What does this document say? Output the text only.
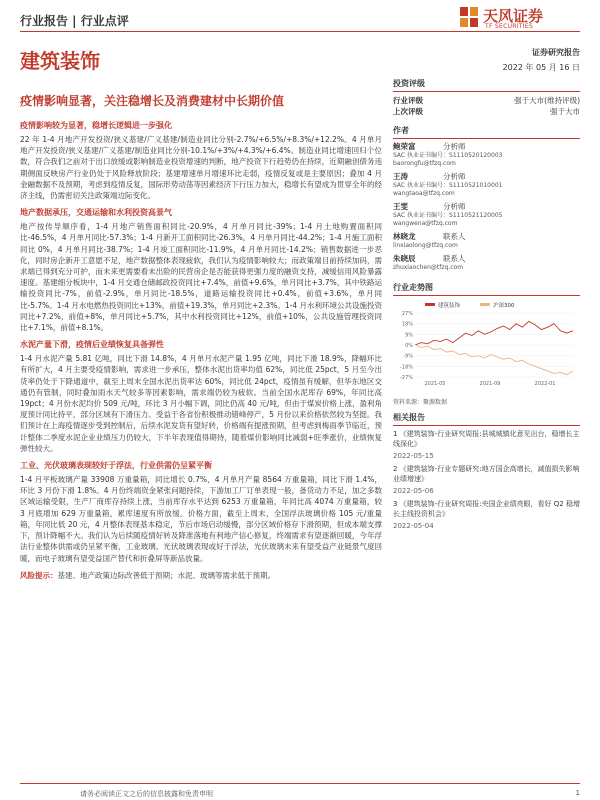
行业报告 | 行业点评	天风证券
TF SECURITIES
建筑装饰	证券研究报告
2022 年 05 月 16 日
疫情影响显著，关注稳增长及消费建材中长期价值
疫情影响较为显著，稳增长逻辑进一步强化
22 年 1-4 月地产开发投资/狭义基建/广义基建/制造业同比分别-2.7%/+6.5%/+8.3%/+12.2%。4 月单月地产开发投资/狭义基建/广义基建/制造业同比分别-10.1%/+3%/+4.3%/+6.4%。制造业同比增速回归个位数，符合我们之前对于出口放缓或影响制造业投资增速的判断，地产投资下行趋势仍在持续，近期融创债务违期侧面反映房产行业仍处于风险释放阶段；基建增速单月增速环比走弱，疫情反复或是主要原因；叠加 4 月金融数据不及预期，考虑到疫情反复，国际形势动荡等因素经济下行压力加大，稳增长有望成为贯穿全年的经济主线，仍需密切关注政策端边际变化。
地产数据承压，交通运输和水利投资高景气
地产按传导顺序看，1-4 月地产销售面积同比-20.9%，4 月单月同比-39%；1-4 月土地购置面积同比-46.5%，4 月单月同比-57.3%；1-4 月新开工面积同比-26.3%，4 月单月同比-44.2%；1-4 月施工面积同比 0%，4 月单月同比-38.7%；1-4 月竣工面积同比-11.9%，4 月单月同比-14.2%；销售数据进一步恶化，同时房企新开工意愿不足，地产数据整体表现疲软，我们认为疫情影响较大；而政策端目前持续加码，需求端已得到充分可护，而未来更需要看未出险的民营房企是否能获得更强力度的融资支持，减缓信用风险暴露速度。基建细分板块中，1-4 月交通仓储邮政投资同比+7.4%，前值+9.6%，单月同比+3.7%，其中铁路运输投资同比-7%，前值-2.9%，单月同比-18.5%，道路运输投资同比+0.4%，前值+3.6%，单月同比-5.7%。1-4 月水电燃热投资同比+13%，前值+19.3%，单月同比+2.3%。1-4 月水利环境公共设施投资同比+7.2%，前值+8%，单月同比+5.7%，其中水利投资同比+12%，前值+10%，公共设施管理投资同比+7.1%，前值+8.1%。
水泥产量下滑，疫情后业绩恢复具备弹性
1-4 月水泥产量 5.81 亿吨，同比下滑 14.8%，4 月单月水泥产量 1.95 亿吨，同比下滑 18.9%，降幅环比有所扩大，4 月主要受疫情影响，需求进一步承压，整体水泥出货率均值 62%，同比低 25pct，5 月至今出货率仍处于下降通道中，截至上周末全国水泥出货率达 60%，同比低 24pct，疫情虽有缓解，但华东地区交通仍有管制，同时叠加雨水天气较多等因素影响，需求端仍较为疲软。当前全国水泥库存 69%，年同比高 19pct；4 月份水泥均价 509 元/吨，环比 3 月小幅下调，同比仍高 40 元/吨，但由于煤炭价格上涨，盈利角度预计同比持平，部分区域有下滑压力。受益于各省份积极推动错峰停产，5 月份以来价格依然较为坚挺。我们预计在上海疫情逐步受到控制后，后续水泥发货有望好转，价格端有提涨预期，但考虑到梅雨季节临近，预计整体二季度水泥企业业绩压力仍较大，下半年表现值得期待，随着煤价影响同比减弱+旺季涨价，业绩恢复弹性较大。
工业、光伏玻璃表现较好于浮法，行业供需仍呈紧平衡
1-4 月平板玻璃产量 33908 万重量箱，同比增长 0.7%，4 月单月产量 8564 万重量箱，同比下滑 1.4%，环比 3 月份下滑 1.8%。4 月份终端资金紧张问题持续，下游加工厂订单表现一般，备货动力不足，加之多数区域运输受限，生产厂商库存持续上涨，当前库存水平达到 6253 万重量箱，年同比高 4074 万重量箱，较 3 月底增加 629 万重量箱，累库速度有所放缓。价格方面，截至上周末，全国浮法玻璃价格 105 元/重量箱，年同比低 20 元，4 月整体表现基本稳定，节后市场启动缓慢，部分区域价格存下滑预期，但成本端支撑下，预计降幅不大。我们认为后续随疫情好转及降准落地有利地产信心修复，终端需求有望逐渐回暖，今年浮法行业整体供需或仍呈紧平衡，工业玻璃、光伏玻璃表现或好于浮法，光伏玻璃未来有望受益产业链景气度回暖，而电子玻璃有望受益国产替代和折叠屏等新品放量。
风险提示：基建、地产政策边际改善低于预期；水泥、玻璃等需求低于预期。
投资评级
行业评级	强于大市(维持评级)
上次评级	强于大市
作者
鲍荣富	分析师
SAC 执业证书编号：S1110520120003
baorongfu@tfzq.com
王涛	分析师
SAC 执业证书编号：S1110521010001
wangtaoa@tfzq.com
王雯	分析师
SAC 执业证书编号：S1110521120005
wangwena@tfzq.com
林晓龙	联系人
linxiaolong@tfzq.com
朱晓辰	联系人
zhuxiaochen@tfzq.com
行业走势图
27%
18%
9%
0%
-9%
-18%
-27%
2021-05	2021-09	2022-01
建筑装饰	沪深300
资料来源：聚源数据
相关报告
1 《建筑装饰-行业研究周报:县城城镇化意见出台，稳增长主线深化》
2022-05-15
2 《建筑装饰-行业专题研究:地方国企高增长，减值损失影响业绩增速》
2022-05-06
3 《建筑装饰-行业研究周报:央国企业绩亮眼，看好 Q2 稳增长主线投资机会》
2022-05-04
请务必阅读正文之后的信息披露和免责申明	1
